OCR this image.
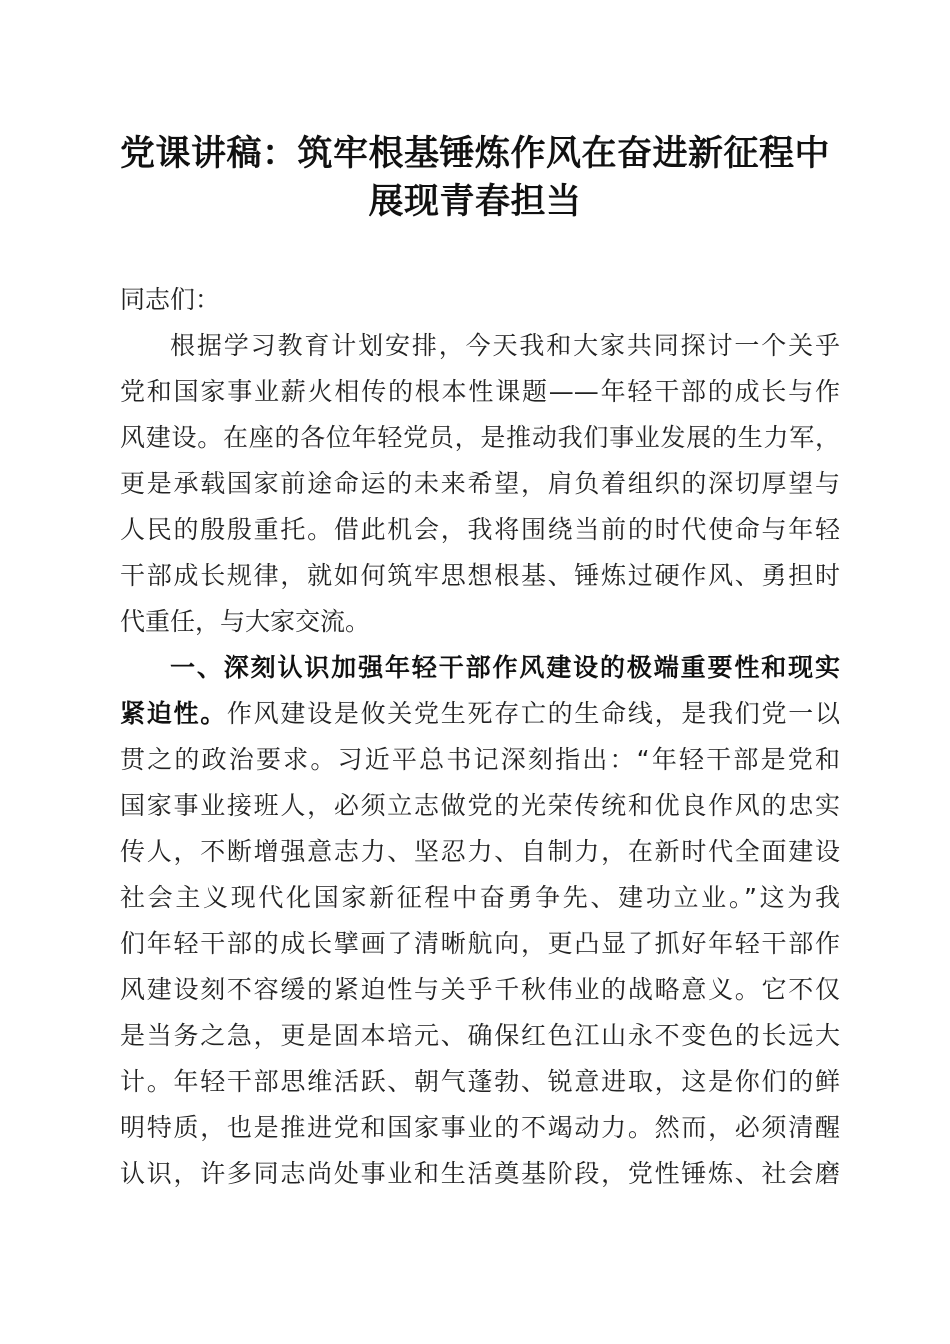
党课讲稿：筑牢根基锤炼作风在奋进新征程中
展现青春担当
同志们：
根据学习教育计划安排，今天我和大家共同探讨一个关乎
党和国家事业薪火相传的根本性课题——年轻干部的成长与作
风建设。在座的各位年轻党员，是推动我们事业发展的生力军，
更是承载国家前途命运的未来希望，肩负着组织的深切厚望与
人民的殷殷重托。借此机会，我将围绕当前的时代使命与年轻
干部成长规律，就如何筑牢思想根基、锤炼过硬作风、勇担时
代重任，与大家交流。
一、深刻认识加强年轻干部作风建设的极端重要性和现实
紧迫性。作风建设是攸关党生死存亡的生命线，是我们党一以
贯之的政治要求。习近平总书记深刻指出：“年轻干部是党和
国家事业接班人，必须立志做党的光荣传统和优良作风的忠实
传人，不断增强意志力、坚忍力、自制力，在新时代全面建设
社会主义现代化国家新征程中奋勇争先、建功立业。”这为我
们年轻干部的成长擘画了清晰航向，更凸显了抓好年轻干部作
风建设刻不容缓的紧迫性与关乎千秋伟业的战略意义。它不仅
是当务之急，更是固本培元、确保红色江山永不变色的长远大
计。年轻干部思维活跃、朝气蓬勃、锐意进取，这是你们的鲜
明特质，也是推进党和国家事业的不竭动力。然而，必须清醒
认识，许多同志尚处事业和生活奠基阶段，党性锤炼、社会磨
